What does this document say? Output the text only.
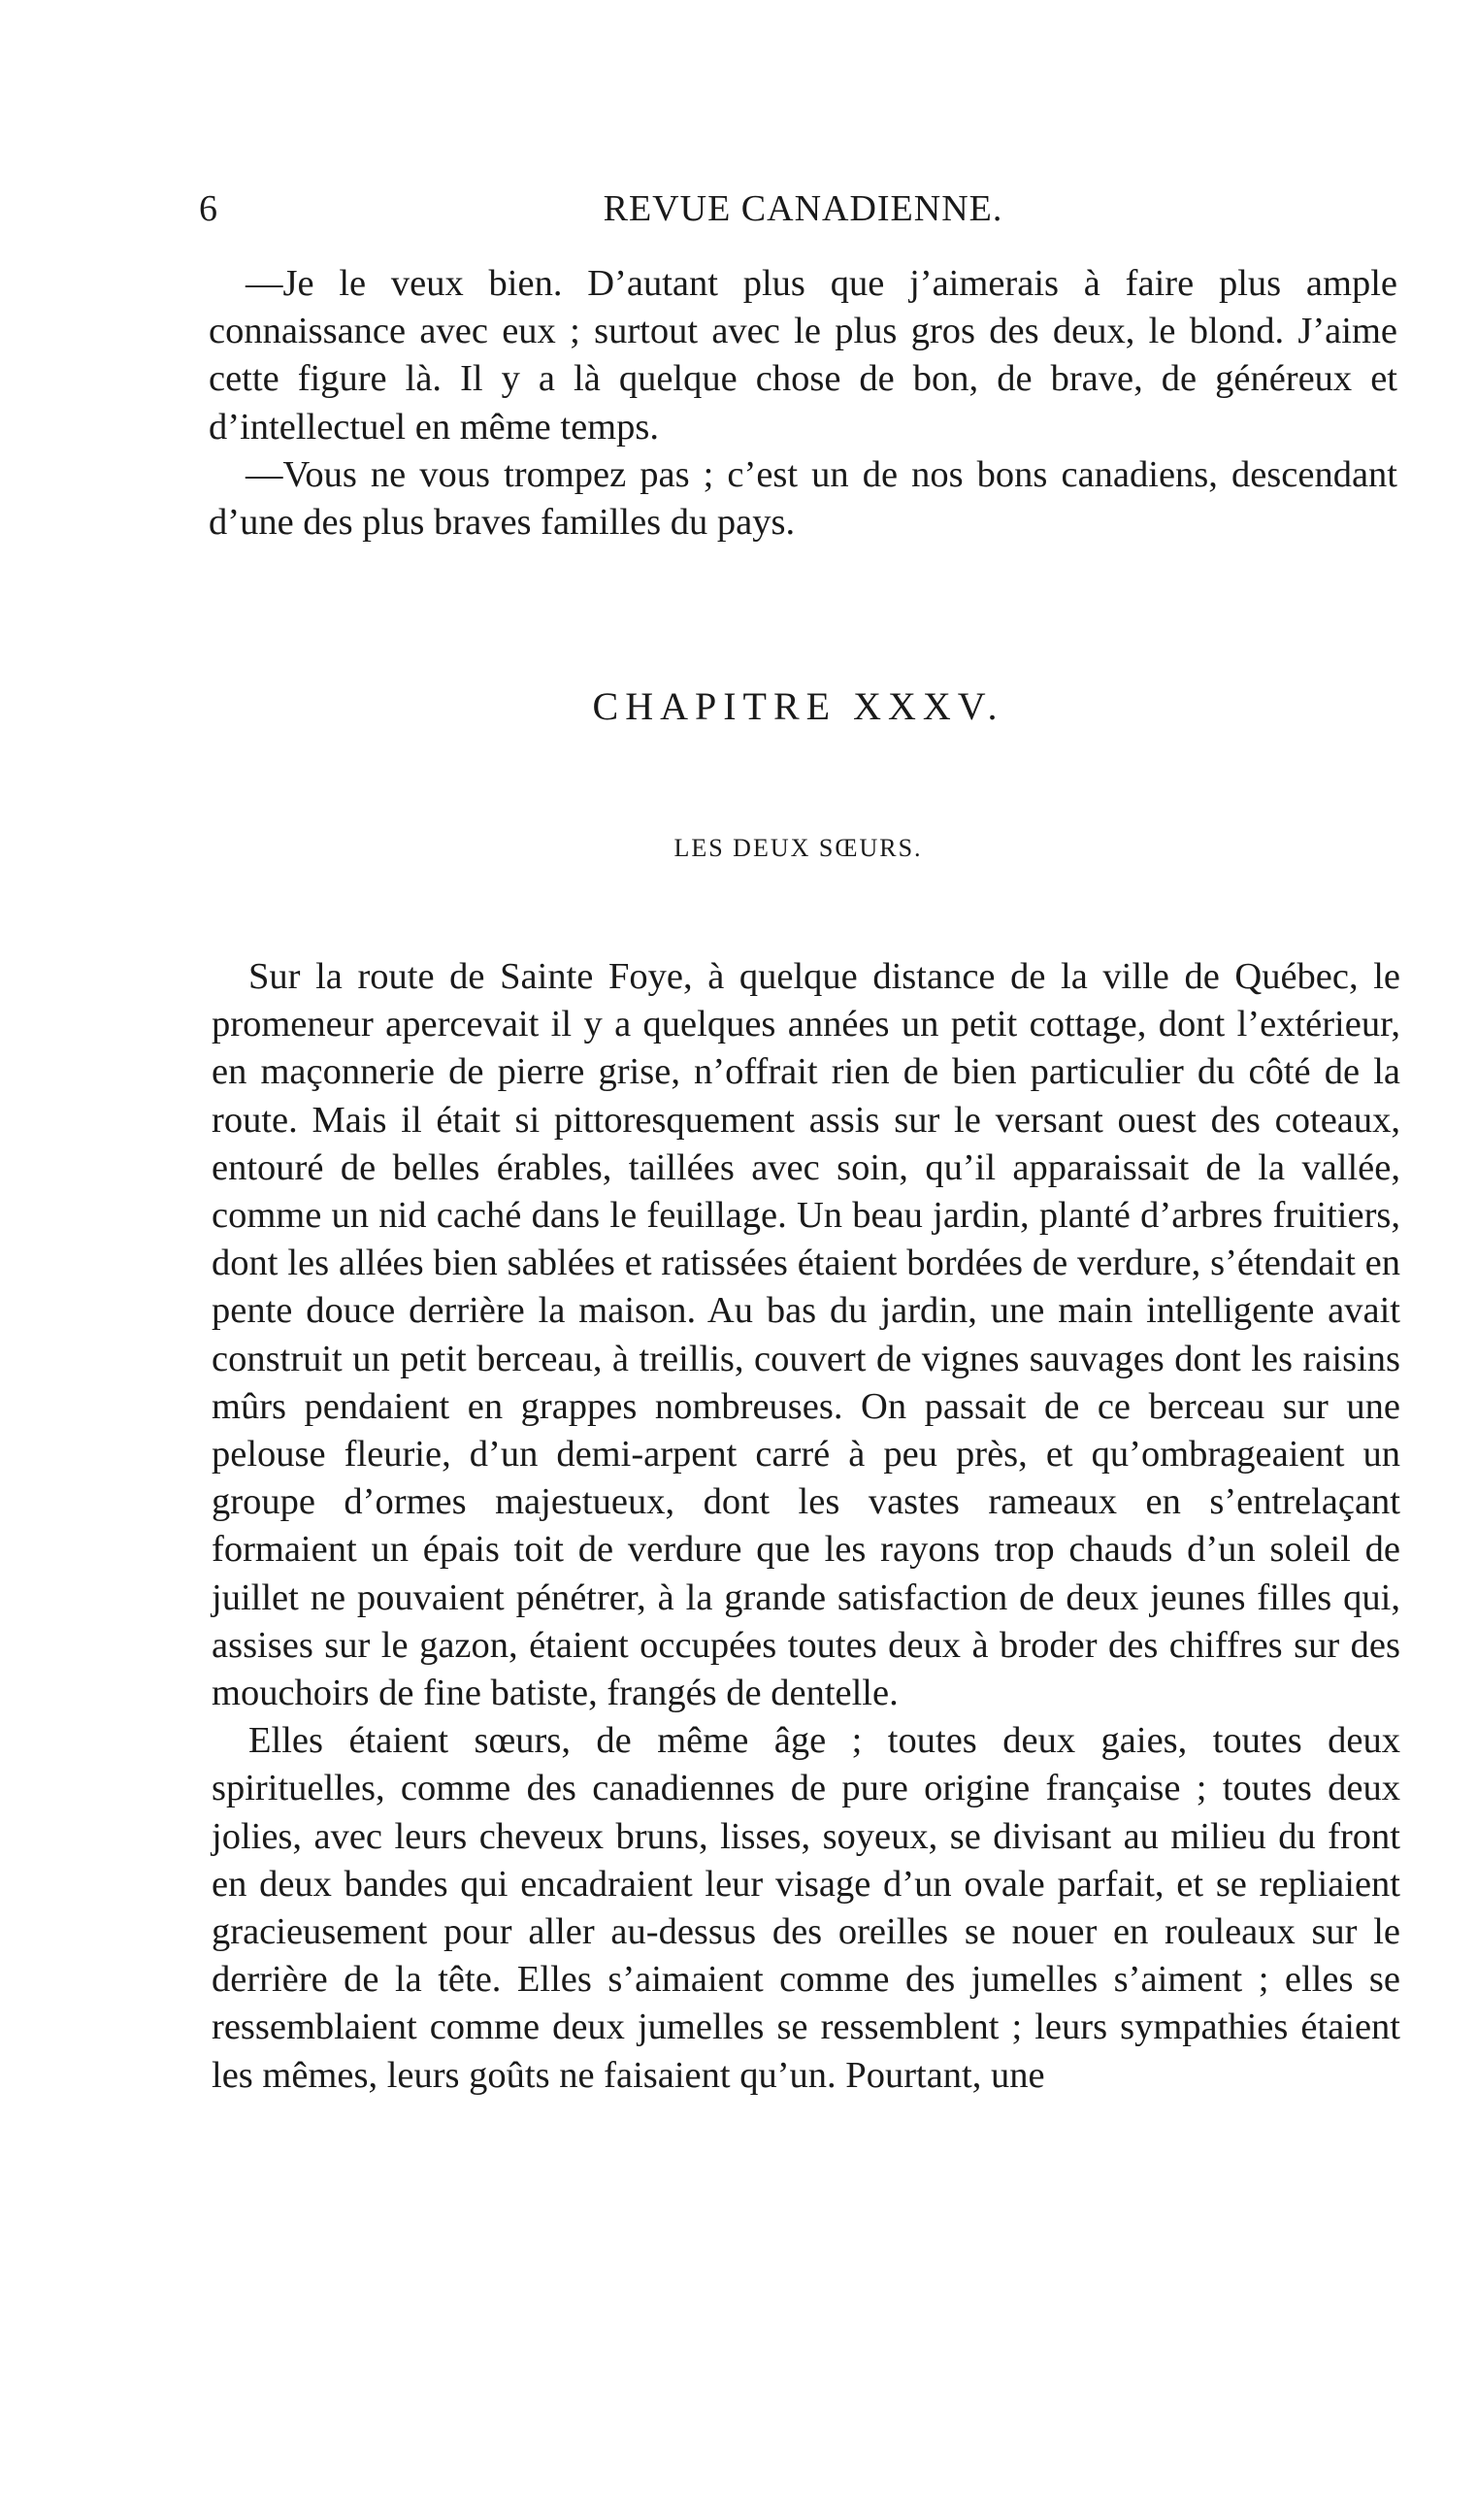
6	REVUE CANADIENNE.

—Je le veux bien. D’autant plus que j’aimerais à faire plus ample connaissance avec eux ; surtout avec le plus gros des deux, le blond. J’aime cette figure là. Il y a là quelque chose de bon, de brave, de généreux et d’intellectuel en même temps.

—Vous ne vous trompez pas ; c’est un de nos bons canadiens, descendant d’une des plus braves familles du pays.

CHAPITRE XXXV.
LES DEUX SŒURS.

Sur la route de Sainte Foye, à quelque distance de la ville de Québec, le promeneur apercevait il y a quelques années un petit cottage, dont l’extérieur, en maçonnerie de pierre grise, n’offrait rien de bien particulier du côté de la route. Mais il était si pittoresquement assis sur le versant ouest des coteaux, entouré de belles érables, taillées avec soin, qu’il apparaissait de la vallée, comme un nid caché dans le feuillage. Un beau jardin, planté d’arbres fruitiers, dont les allées bien sablées et ratissées étaient bordées de verdure, s’étendait en pente douce derrière la maison. Au bas du jardin, une main intelligente avait construit un petit berceau, à treillis, couvert de vignes sauvages dont les raisins mûrs pendaient en grappes nombreuses. On passait de ce berceau sur une pelouse fleurie, d’un demi-arpent carré à peu près, et qu’ombrageaient un groupe d’ormes majestueux, dont les vastes rameaux en s’entrelaçant formaient un épais toit de verdure que les rayons trop chauds d’un soleil de juillet ne pouvaient pénétrer, à la grande satisfaction de deux jeunes filles qui, assises sur le gazon, étaient occupées toutes deux à broder des chiffres sur des mouchoirs de fine batiste, frangés de dentelle.

Elles étaient sœurs, de même âge ; toutes deux gaies, toutes deux spirituelles, comme des canadiennes de pure origine française ; toutes deux jolies, avec leurs cheveux bruns, lisses, soyeux, se divisant au milieu du front en deux bandes qui encadraient leur visage d’un ovale parfait, et se repliaient gracieusement pour aller au-dessus des oreilles se nouer en rouleaux sur le derrière de la tête. Elles s’aimaient comme des jumelles s’aiment ; elles se ressemblaient comme deux jumelles se ressemblent ; leurs sympathies étaient les mêmes, leurs goûts ne faisaient qu’un. Pourtant, une
